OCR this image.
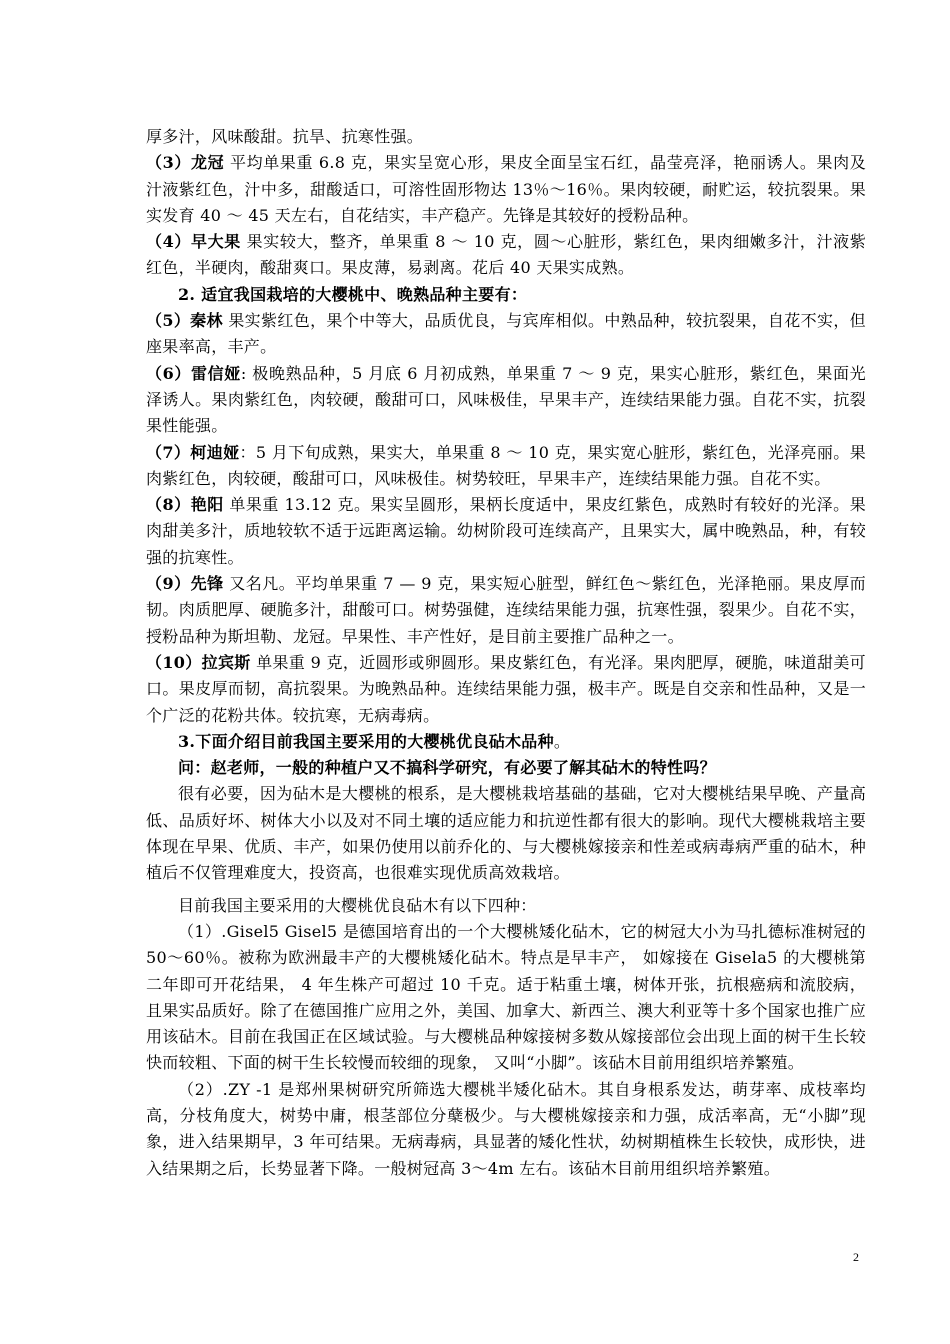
厚多汁，风味酸甜。抗旱、抗寒性强。

（3）龙冠 平均单果重 6.8 克，果实呈宽心形，果皮全面呈宝石红，晶莹亮泽，艳丽诱人。果肉及汁液紫红色，汁中多，甜酸适口，可溶性固形物达 13％～16％。果肉较硬，耐贮运，较抗裂果。果实发育 40 ～ 45 天左右，自花结实，丰产稳产。先锋是其较好的授粉品种。

（4）早大果 果实较大，整齐，单果重 8 ～ 10 克，圆～心脏形，紫红色，果肉细嫩多汁，汁液紫红色，半硬肉，酸甜爽口。果皮薄，易剥离。花后 40 天果实成熟。

2. 适宜我国栽培的大樱桃中、晚熟品种主要有：

（5）秦林 果实紫红色，果个中等大，品质优良，与宾库相似。中熟品种，较抗裂果，自花不实，但座果率高，丰产。

（6）雷信娅: 极晚熟品种，5 月底 6 月初成熟，单果重 7 ～ 9 克，果实心脏形，紫红色，果面光泽诱人。果肉紫红色，肉较硬，酸甜可口，风味极佳，早果丰产，连续结果能力强。自花不实，抗裂果性能强。

（7）柯迪娅：5 月下旬成熟，果实大，单果重 8 ～ 10 克，果实宽心脏形，紫红色，光泽亮丽。果肉紫红色，肉较硬，酸甜可口，风味极佳。树势较旺，早果丰产，连续结果能力强。自花不实。

（8）艳阳 单果重 13.12 克。果实呈圆形，果柄长度适中，果皮红紫色，成熟时有较好的光泽。果肉甜美多汁，质地较软不适于远距离运输。幼树阶段可连续高产，且果实大，属中晚熟品，种，有较强的抗寒性。

（9）先锋 又名凡。平均单果重 7 — 9 克，果实短心脏型，鲜红色～紫红色，光泽艳丽。果皮厚而韧。肉质肥厚、硬脆多汁，甜酸可口。树势强健，连续结果能力强，抗寒性强，裂果少。自花不实，授粉品种为斯坦勒、龙冠。早果性、丰产性好，是目前主要推广品种之一。

（10）拉宾斯 单果重 9 克，近圆形或卵圆形。果皮紫红色，有光泽。果肉肥厚，硬脆，味道甜美可口。果皮厚而韧，高抗裂果。为晚熟品种。连续结果能力强，极丰产。既是自交亲和性品种，又是一个广泛的花粉共体。较抗寒，无病毒病。

3.下面介绍目前我国主要采用的大樱桃优良砧木品种。

问：赵老师，一般的种植户又不搞科学研究，有必要了解其砧木的特性吗？

很有必要，因为砧木是大樱桃的根系，是大樱桃栽培基础的基础，它对大樱桃结果早晚、产量高低、品质好坏、树体大小以及对不同土壤的适应能力和抗逆性都有很大的影响。现代大樱桃栽培主要体现在早果、优质、丰产，如果仍使用以前乔化的、与大樱桃嫁接亲和性差或病毒病严重的砧木，种植后不仅管理难度大，投资高，也很难实现优质高效栽培。

目前我国主要采用的大樱桃优良砧木有以下四种：

（1）.Gisel5 Gisel5 是德国培育出的一个大樱桃矮化砧木，它的树冠大小为马扎德标准树冠的 50～60％。被称为欧洲最丰产的大樱桃矮化砧木。特点是早丰产， 如嫁接在 Gisela5 的大樱桃第二年即可开花结果， 4 年生株产可超过 10 千克。适于粘重土壤，树体开张，抗根癌病和流胶病，且果实品质好。除了在德国推广应用之外，美国、加拿大、新西兰、澳大利亚等十多个国家也推广应用该砧木。目前在我国正在区域试验。与大樱桃品种嫁接树多数从嫁接部位会出现上面的树干生长较快而较粗、下面的树干生长较慢而较细的现象， 又叫“小脚”。该砧木目前用组织培养繁殖。

（2）.ZY -1 是郑州果树研究所筛选大樱桃半矮化砧木。其自身根系发达，萌芽率、成枝率均高，分枝角度大，树势中庸，根茎部位分蘖极少。与大樱桃嫁接亲和力强，成活率高，无“小脚”现象，进入结果期早，3 年可结果。无病毒病，具显著的矮化性状，幼树期植株生长较快，成形快，进入结果期之后，长势显著下降。一般树冠高 3～4m 左右。该砧木目前用组织培养繁殖。

2
